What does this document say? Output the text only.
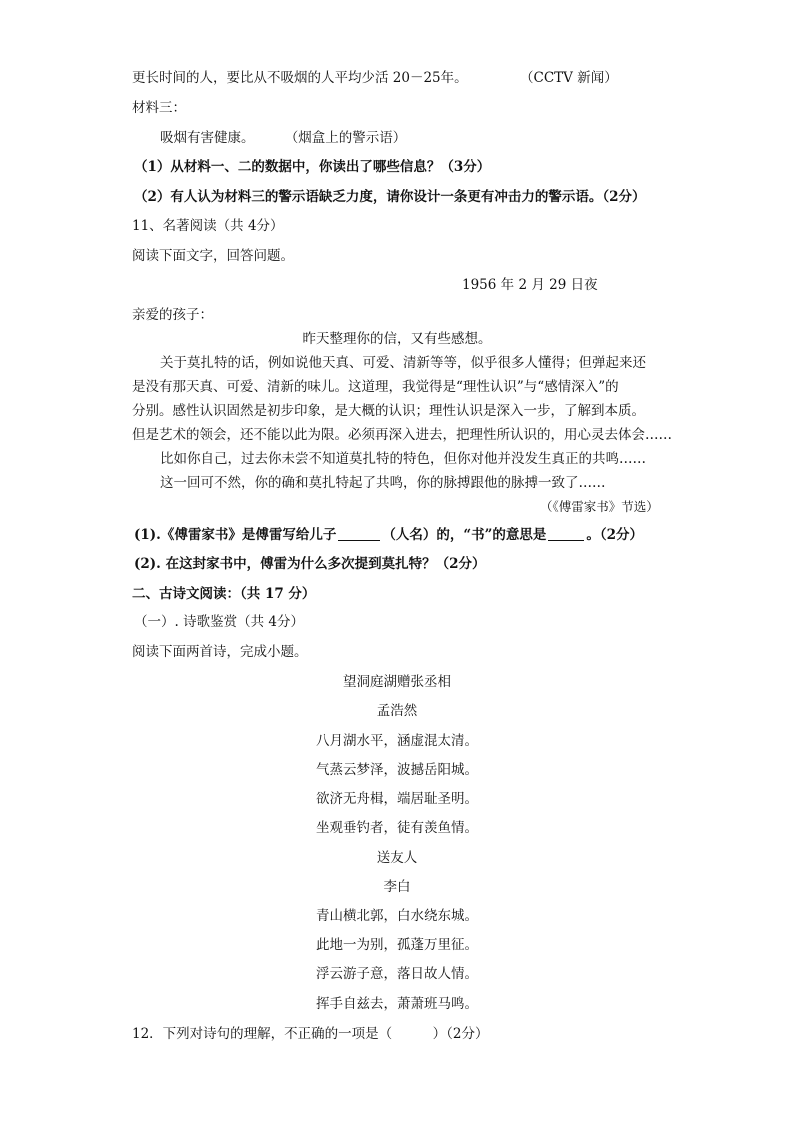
更长时间的人，要比从不吸烟的人平均少活 20－25年。	（CCTV 新闻）
材料三：
吸烟有害健康。 （烟盒上的警示语）
（1）从材料一、二的数据中，你读出了哪些信息？（3分）
（2）有人认为材料三的警示语缺乏力度，请你设计一条更有冲击力的警示语。（2分）
11、名著阅读（共 4分）
阅读下面文字，回答问题。
1956 年 2 月 29 日夜
亲爱的孩子：
昨天整理你的信，又有些感想。
关于莫扎特的话，例如说他天真、可爱、清新等等，似乎很多人懂得；但弹起来还
是没有那天真、可爱、清新的味儿。这道理，我觉得是“理性认识”与“感情深入”的
分别。感性认识固然是初步印象，是大概的认识；理性认识是深入一步，了解到本质。
但是艺术的领会，还不能以此为限。必须再深入进去，把理性所认识的，用心灵去体会……
比如你自己，过去你未尝不知道莫扎特的特色，但你对他并没发生真正的共鸣……
这一回可不然，你的确和莫扎特起了共鸣，你的脉搏跟他的脉搏一致了……
（《傅雷家书》节选）
(1).《傅雷家书》是傅雷写给儿子	（人名）的，“书”的意思是	。（2分）
(2). 在这封家书中，傅雷为什么多次提到莫扎特？（2分）
二、古诗文阅读：（共 17 分）
（一）. 诗歌鉴赏（共 4分）
阅读下面两首诗，完成小题。
望洞庭湖赠张丞相
孟浩然
八月湖水平，涵虚混太清。
气蒸云梦泽，波撼岳阳城。
欲济无舟楫，端居耻圣明。
坐观垂钓者，徒有羡鱼情。
送友人
李白
青山横北郭，白水绕东城。
此地一为别，孤蓬万里征。
浮云游子意，落日故人情。
挥手自兹去，萧萧班马鸣。
12．下列对诗句的理解，不正确的一项是（　　　）（2分）
